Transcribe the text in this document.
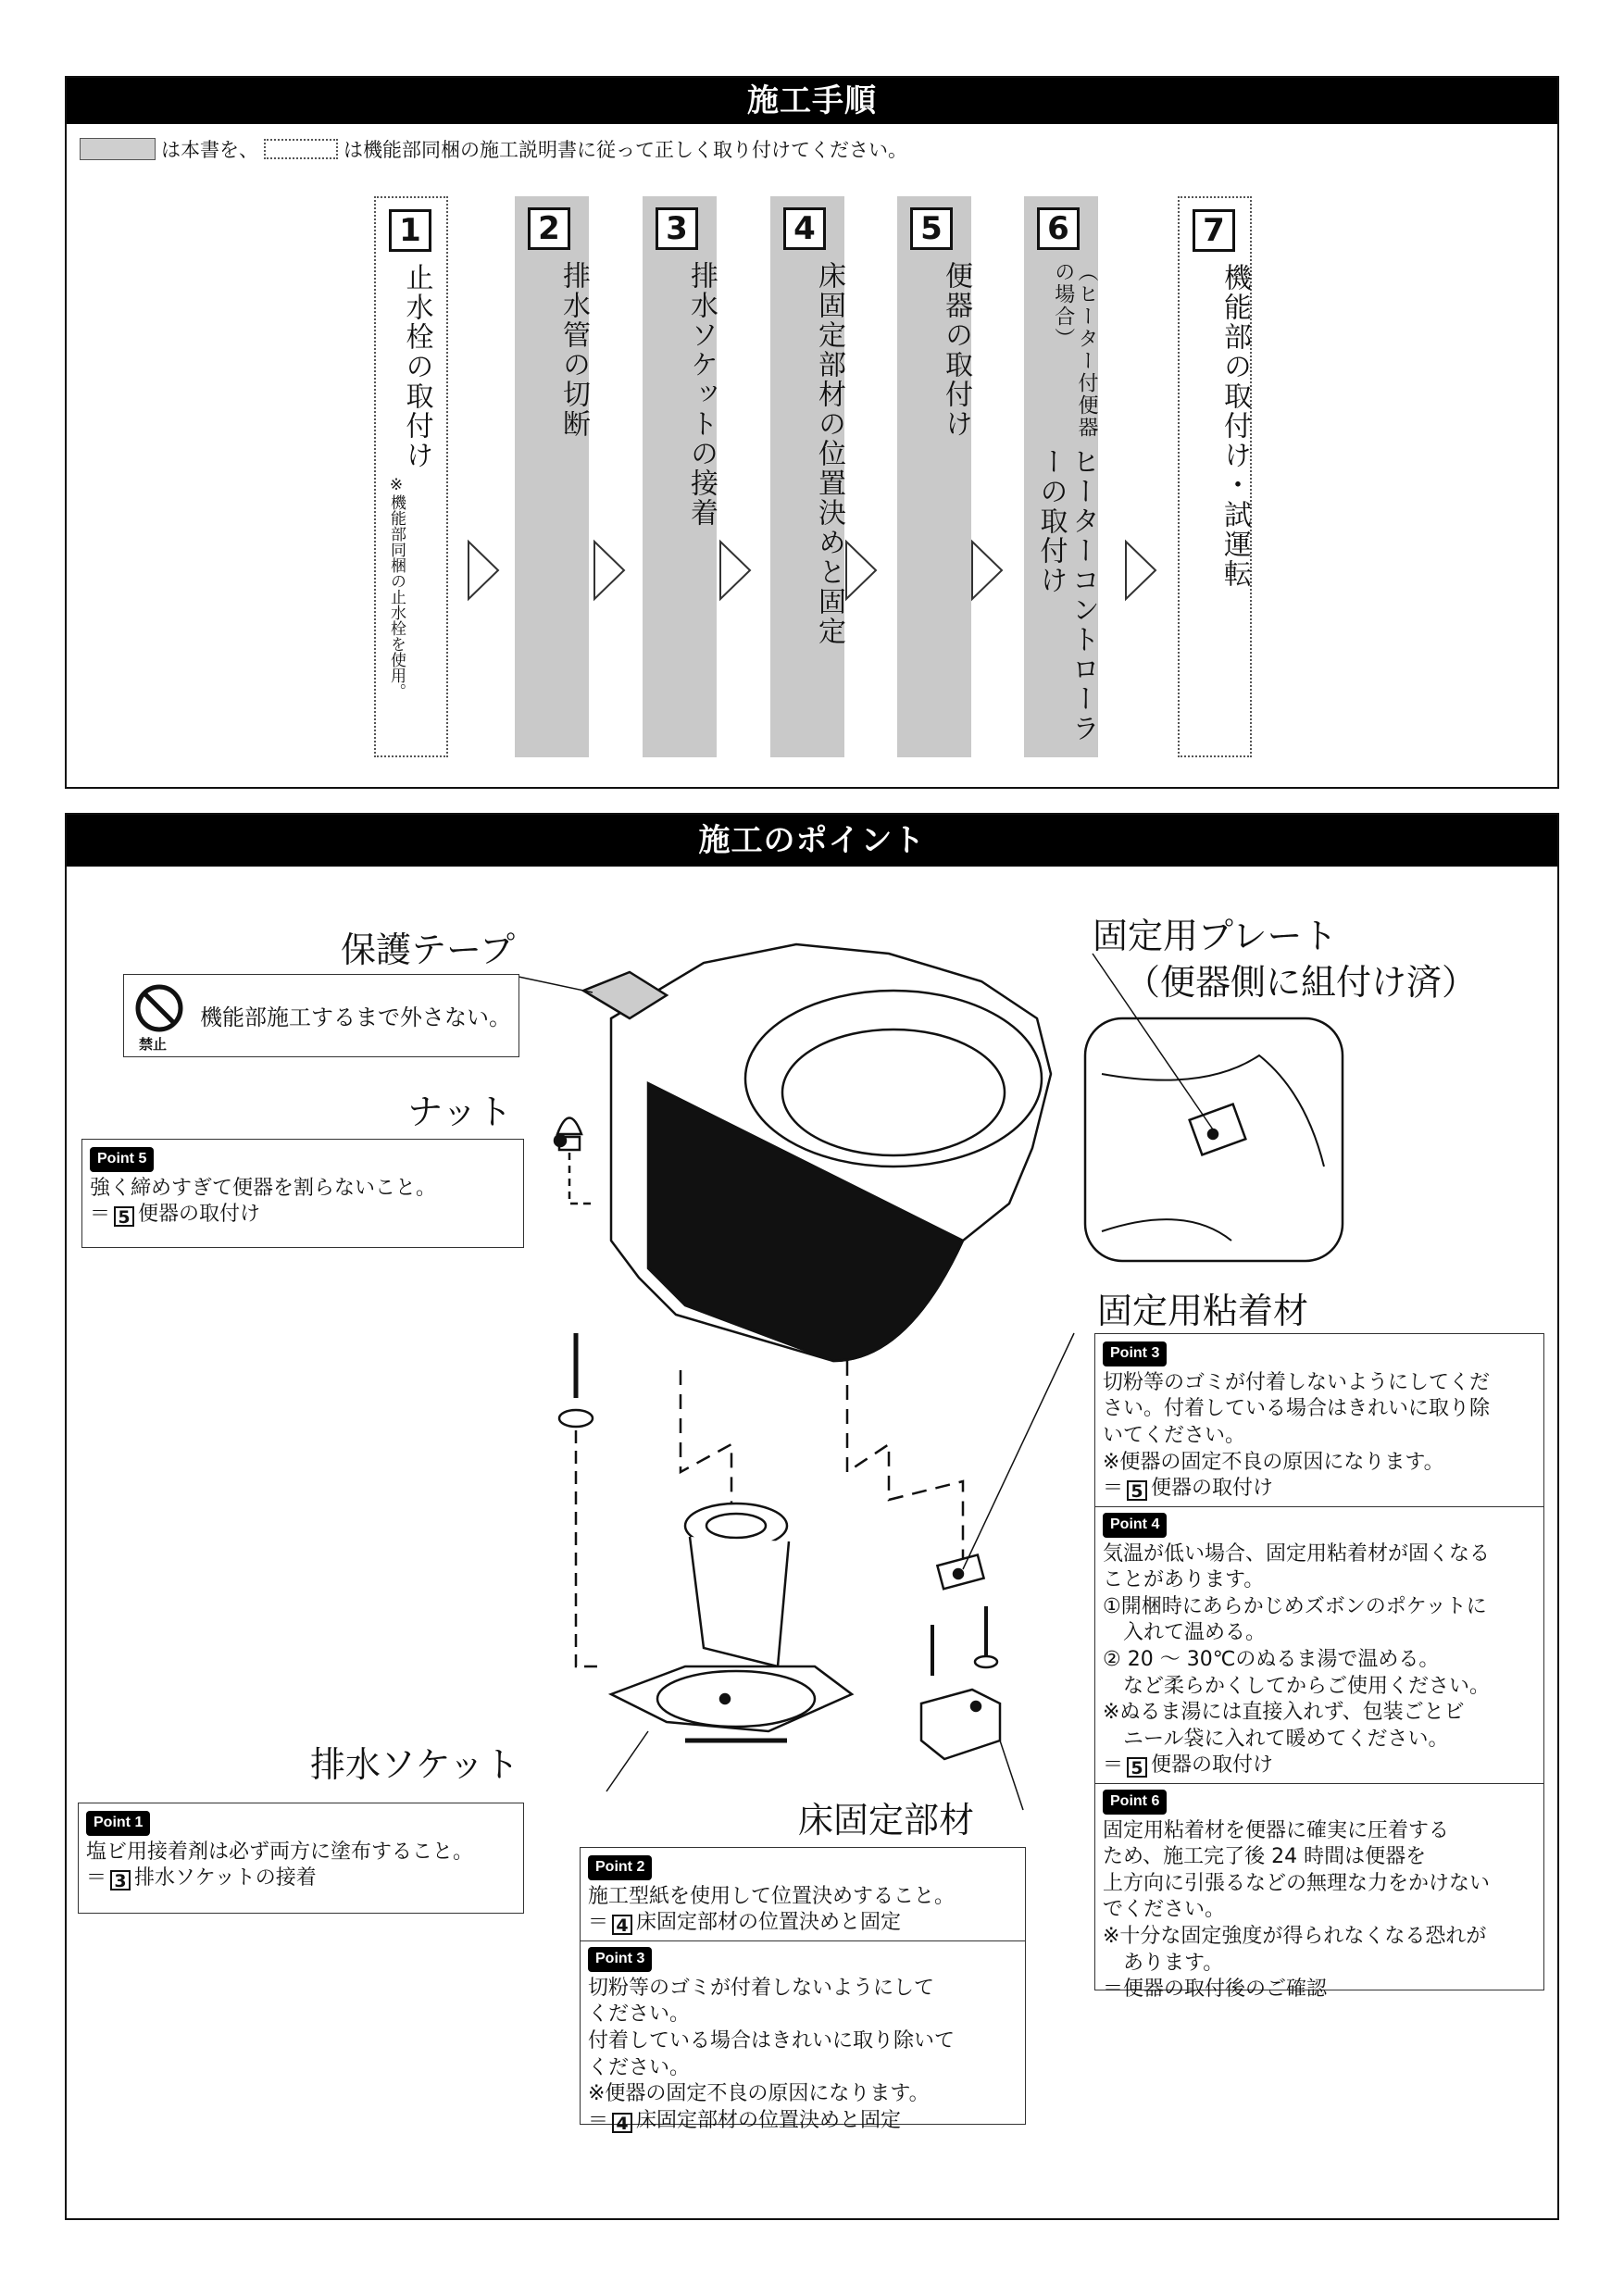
施工手順
は本書を、	は機能部同梱の施工説明書に従って正しく取り付けてください。
1
止水栓の取付け
※機能部同梱の止水栓を使用。
2
排水管の切断
3
排水ソケットの接着
4
床固定部材の位置決めと固定
5
便器の取付け
6
（ヒーター付便器の場合）
ヒーターコントローラーの取付け
7
機能部の取付け・試運転
施工のポイント
保護テープ
ナット
固定用プレート
（便器側に組付け済）
固定用粘着材
排水ソケット
床固定部材
禁止
機能部施工するまで外さない。
Point 5

強く締めすぎて便器を割らないこと。

＝ 5 便器の取付け

Point 1

塩ビ用接着剤は必ず両方に塗布すること。

＝ 3 排水ソケットの接着	Point 2

施工型紙を使用して位置決めすること。

＝ 4 床固定部材の位置決めと固定

Point 3

切粉等のゴミが付着しないようにして

ください。

付着している場合はきれいに取り除いて

ください。

※便器の固定不良の原因になります。

＝ 4 床固定部材の位置決めと固定

Point 3

切粉等のゴミが付着しないようにしてくだ

さい。付着している場合はきれいに取り除

いてください。

※便器の固定不良の原因になります。

＝ 5 便器の取付け

Point 4

気温が低い場合、固定用粘着材が固くなる

ことがあります。

①開梱時にあらかじめズボンのポケットに

　入れて温める。

② 20 ～ 30℃のぬるま湯で温める。

　など柔らかくしてからご使用ください。

※ぬるま湯には直接入れず、包装ごとビ

　ニール袋に入れて暖めてください。

＝ 5 便器の取付け

Point 6

固定用粘着材を便器に確実に圧着する

ため、施工完了後 24 時間は便器を

上方向に引張るなどの無理な力をかけない

でください。

※十分な固定強度が得られなくなる恐れが

　あります。

＝便器の取付後のご確認
